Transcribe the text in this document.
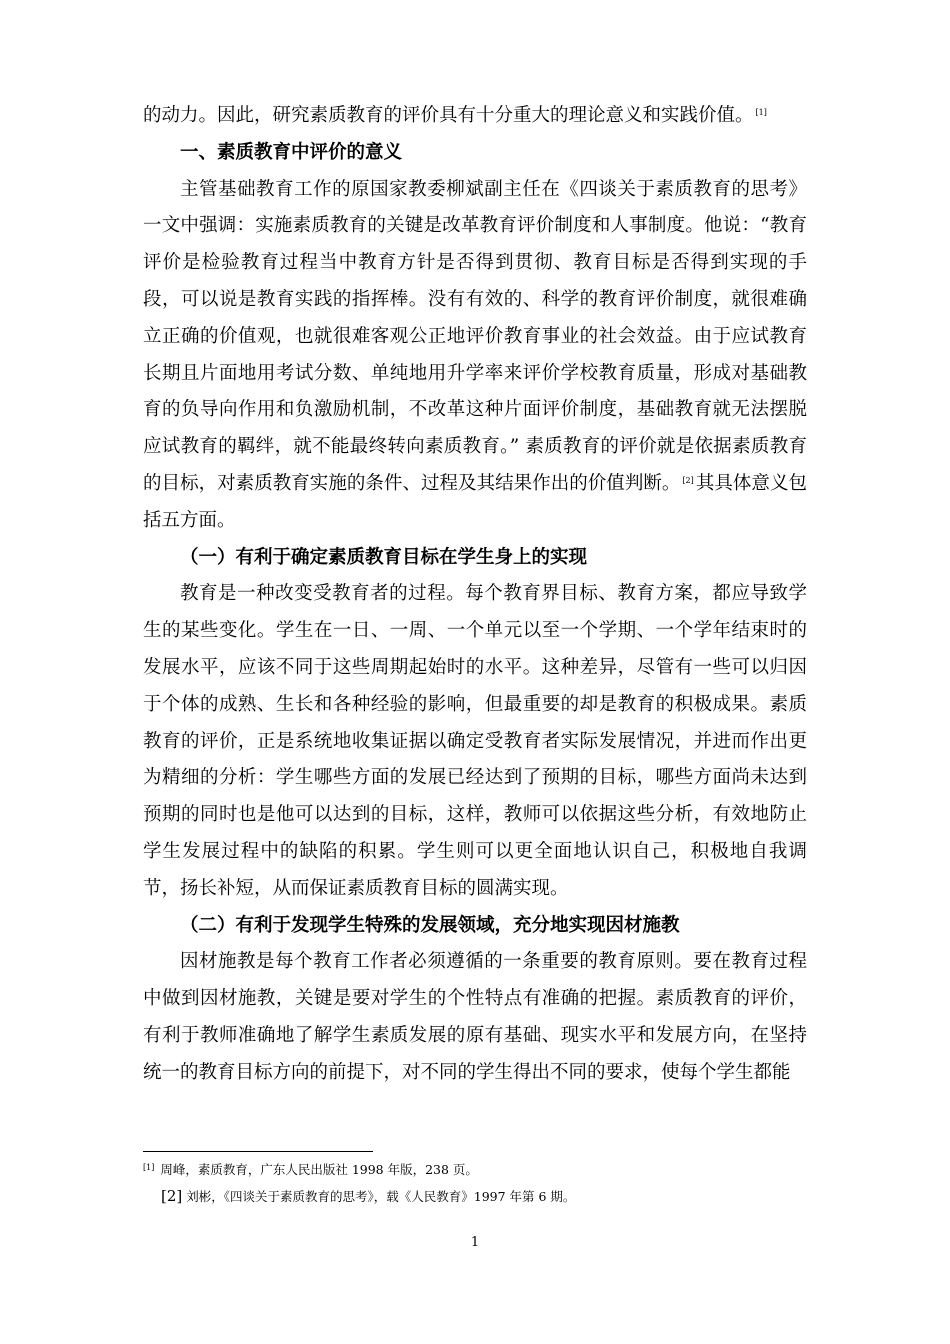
的动力。因此，研究素质教育的评价具有十分重大的理论意义和实践价值。 [1]

一、素质教育中评价的意义

主管基础教育工作的原国家教委柳斌副主任在《四谈关于素质教育的思考》一文中强调：实施素质教育的关键是改革教育评价制度和人事制度。他说：“教育评价是检验教育过程当中教育方针是否得到贯彻、教育目标是否得到实现的手段，可以说是教育实践的指挥棒。没有有效的、科学的教育评价制度，就很难确立正确的价值观，也就很难客观公正地评价教育事业的社会效益。由于应试教育长期且片面地用考试分数、单纯地用升学率来评价学校教育质量，形成对基础教育的负导向作用和负激励机制，不改革这种片面评价制度，基础教育就无法摆脱应试教育的羁绊，就不能最终转向素质教育。” 素质教育的评价就是依据素质教育的目标，对素质教育实施的条件、过程及其结果作出的价值判断。 [2] 其具体意义包括五方面。

（一）有利于确定素质教育目标在学生身上的实现

教育是一种改变受教育者的过程。每个教育界目标、教育方案，都应导致学生的某些变化。学生在一日、一周、一个单元以至一个学期、一个学年结束时的发展水平，应该不同于这些周期起始时的水平。这种差异，尽管有一些可以归因于个体的成熟、生长和各种经验的影响，但最重要的却是教育的积极成果。素质教育的评价，正是系统地收集证据以确定受教育者实际发展情况，并进而作出更为精细的分析：学生哪些方面的发展已经达到了预期的目标，哪些方面尚未达到预期的同时也是他可以达到的目标，这样，教师可以依据这些分析，有效地防止学生发展过程中的缺陷的积累。学生则可以更全面地认识自己，积极地自我调节，扬长补短，从而保证素质教育目标的圆满实现。

（二）有利于发现学生特殊的发展领域，充分地实现因材施教

因材施教是每个教育工作者必须遵循的一条重要的教育原则。要在教育过程中做到因材施教，关键是要对学生的个性特点有准确的把握。素质教育的评价，有利于教师准确地了解学生素质发展的原有基础、现实水平和发展方向，在坚持统一的教育目标方向的前提下，对不同的学生得出不同的要求，使每个学生都能

[1] 周峰，素质教育，广东人民出版社 1998 年版，238 页。
[2] 刘彬，《四谈关于素质教育的思考》，载《人民教育》1997 年第 6 期。
1
